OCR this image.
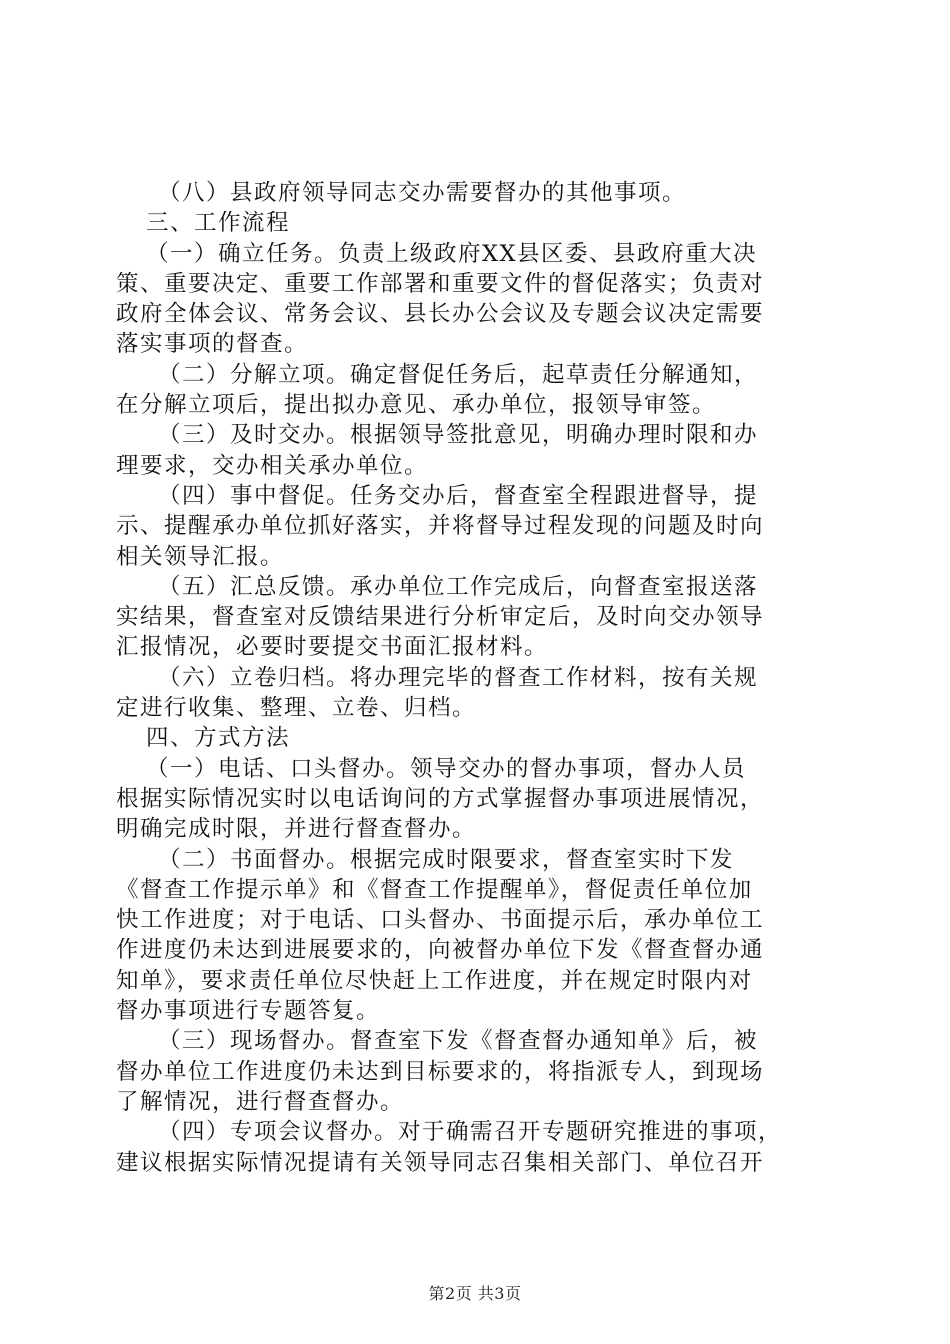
（八）县政府领导同志交办需要督办的其他事项。
三、工作流程
（一）确立任务。负责上级政府XX县区委、县政府重大决
策、重要决定、重要工作部署和重要文件的督促落实；负责对
政府全体会议、常务会议、县长办公会议及专题会议决定需要
落实事项的督查。
（二）分解立项。确定督促任务后，起草责任分解通知，
在分解立项后，提出拟办意见、承办单位，报领导审签。
（三）及时交办。根据领导签批意见，明确办理时限和办
理要求，交办相关承办单位。
（四）事中督促。任务交办后，督查室全程跟进督导，提
示、提醒承办单位抓好落实，并将督导过程发现的问题及时向
相关领导汇报。
（五）汇总反馈。承办单位工作完成后，向督查室报送落
实结果，督查室对反馈结果进行分析审定后，及时向交办领导
汇报情况，必要时要提交书面汇报材料。
（六）立卷归档。将办理完毕的督查工作材料，按有关规
定进行收集、整理、立卷、归档。
四、方式方法
（一）电话、口头督办。领导交办的督办事项，督办人员
根据实际情况实时以电话询问的方式掌握督办事项进展情况，
明确完成时限，并进行督查督办。
（二）书面督办。根据完成时限要求，督查室实时下发
《督查工作提示单》和《督查工作提醒单》，督促责任单位加
快工作进度；对于电话、口头督办、书面提示后，承办单位工
作进度仍未达到进展要求的，向被督办单位下发《督查督办通
知单》，要求责任单位尽快赶上工作进度，并在规定时限内对
督办事项进行专题答复。
（三）现场督办。督查室下发《督查督办通知单》后，被
督办单位工作进度仍未达到目标要求的，将指派专人，到现场
了解情况，进行督查督办。
（四）专项会议督办。对于确需召开专题研究推进的事项，
建议根据实际情况提请有关领导同志召集相关部门、单位召开
第2页 共3页
